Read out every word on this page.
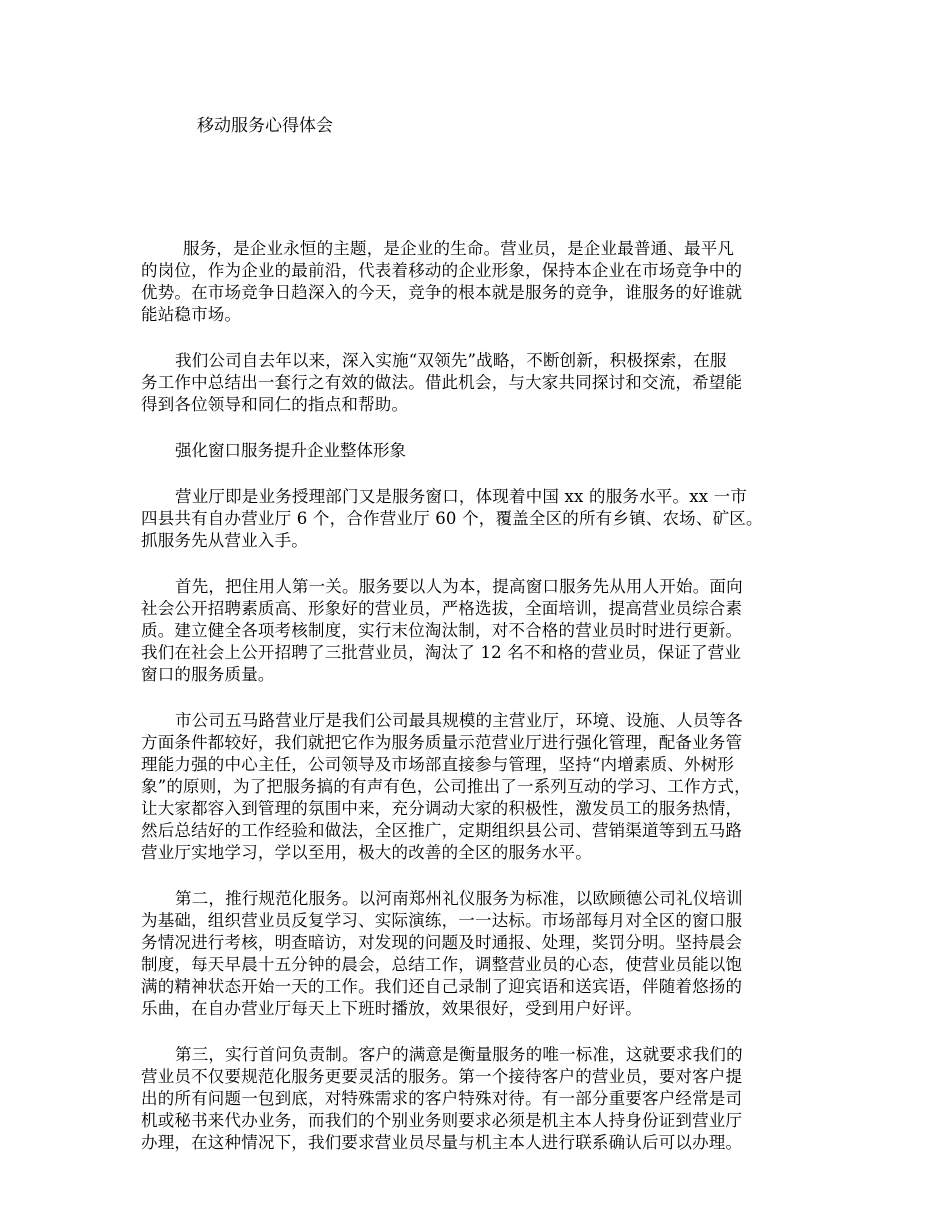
移动服务心得体会

服务，是企业永恒的主题，是企业的生命。营业员，是企业最普通、最平凡
的岗位，作为企业的最前沿，代表着移动的企业形象，保持本企业在市场竞争中的
优势。在市场竞争日趋深入的今天，竞争的根本就是服务的竞争，谁服务的好谁就
能站稳市场。

我们公司自去年以来，深入实施“双领先”战略，不断创新，积极探索，在服
务工作中总结出一套行之有效的做法。借此机会，与大家共同探讨和交流，希望能
得到各位领导和同仁的指点和帮助。

强化窗口服务提升企业整体形象

营业厅即是业务授理部门又是服务窗口，体现着中国 xx 的服务水平。xx 一市
四县共有自办营业厅 6 个，合作营业厅 60 个，覆盖全区的所有乡镇、农场、矿区。
抓服务先从营业入手。

首先，把住用人第一关。服务要以人为本，提高窗口服务先从用人开始。面向
社会公开招聘素质高、形象好的营业员，严格选拔，全面培训，提高营业员综合素
质。建立健全各项考核制度，实行末位淘汰制，对不合格的营业员时时进行更新。
我们在社会上公开招聘了三批营业员，淘汰了 12 名不和格的营业员，保证了营业
窗口的服务质量。

市公司五马路营业厅是我们公司最具规模的主营业厅，环境、设施、人员等各
方面条件都较好，我们就把它作为服务质量示范营业厅进行强化管理，配备业务管
理能力强的中心主任，公司领导及市场部直接参与管理，坚持“内增素质、外树形
象”的原则，为了把服务搞的有声有色，公司推出了一系列互动的学习、工作方式，
让大家都容入到管理的氛围中来，充分调动大家的积极性，激发员工的服务热情，
然后总结好的工作经验和做法，全区推广，定期组织县公司、营销渠道等到五马路
营业厅实地学习，学以至用，极大的改善的全区的服务水平。

第二，推行规范化服务。以河南郑州礼仪服务为标准，以欧顾德公司礼仪培训
为基础，组织营业员反复学习、实际演练，一一达标。市场部每月对全区的窗口服
务情况进行考核，明查暗访，对发现的问题及时通报、处理，奖罚分明。坚持晨会
制度，每天早晨十五分钟的晨会，总结工作，调整营业员的心态，使营业员能以饱
满的精神状态开始一天的工作。我们还自己录制了迎宾语和送宾语，伴随着悠扬的
乐曲，在自办营业厅每天上下班时播放，效果很好，受到用户好评。

第三，实行首问负责制。客户的满意是衡量服务的唯一标准，这就要求我们的
营业员不仅要规范化服务更要灵活的服务。第一个接待客户的营业员，要对客户提
出的所有问题一包到底，对特殊需求的客户特殊对待。有一部分重要客户经常是司
机或秘书来代办业务，而我们的个别业务则要求必须是机主本人持身份证到营业厅
办理，在这种情况下，我们要求营业员尽量与机主本人进行联系确认后可以办理。
